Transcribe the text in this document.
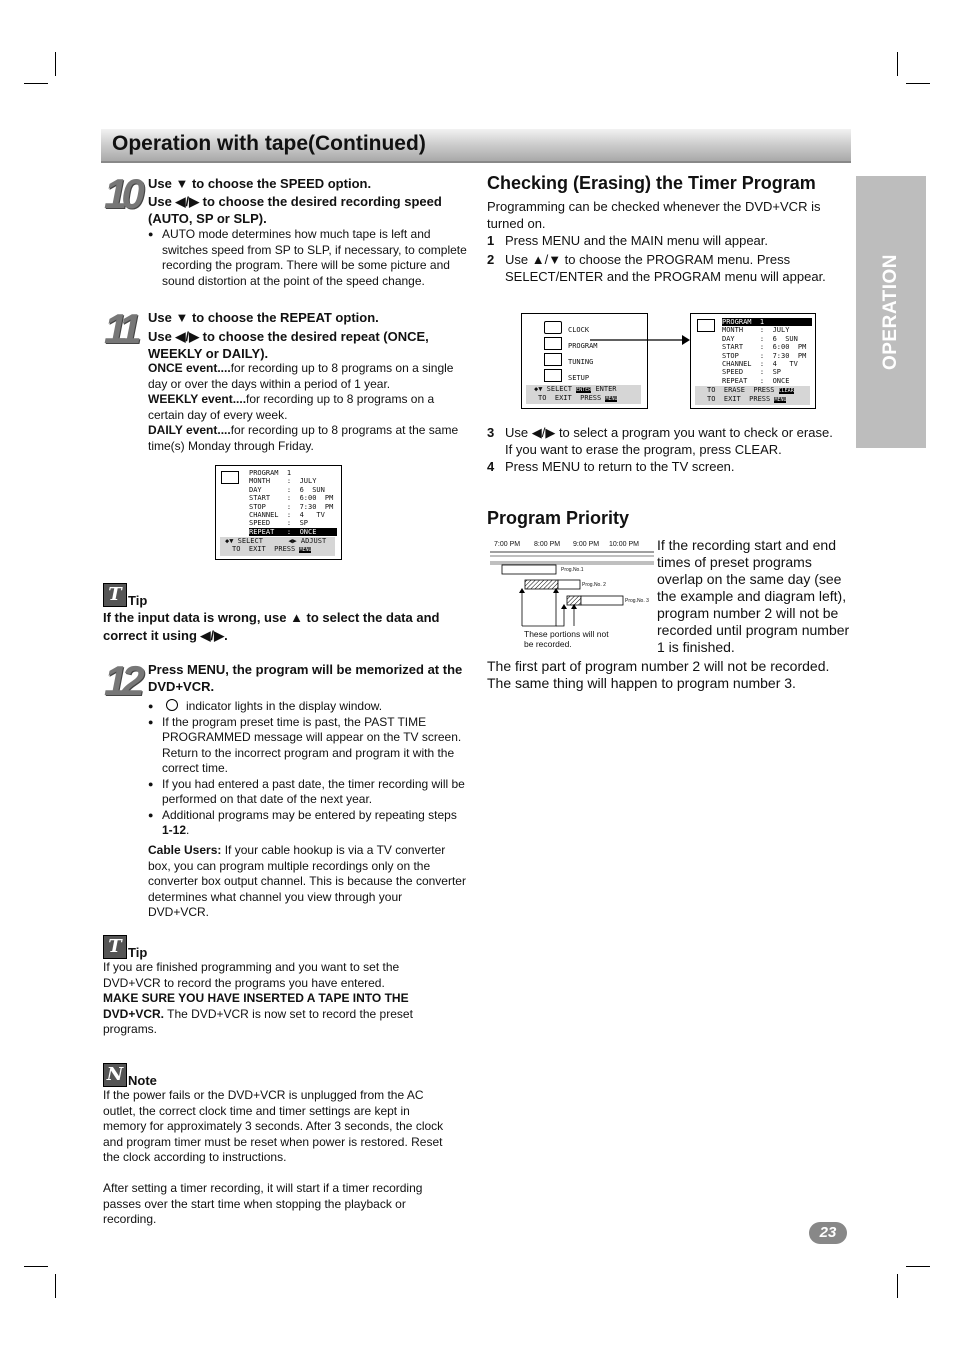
Operation with tape(Continued)
OPERATION
10 Use ▼ to choose the SPEED option.
Use ◀/▶ to choose the desired recording speed (AUTO, SP or SLP).
● AUTO mode determines how much tape is left and switches speed from SP to SLP, if necessary, to complete recording the program. There will be some picture and sound distortion at the point of the speed change.
11 Use ▼ to choose the REPEAT option.
Use ◀/▶ to choose the desired repeat (ONCE, WEEKLY or DAILY).
ONCE event....for recording up to 8 programs on a single day or over the days within a period of 1 year.
WEEKLY event....for recording up to 8 programs on a certain day of every week.
DAILY event....for recording up to 8 programs at the same time(s) Monday through Friday.
PROGRAM  1
MONTH    :  JULY
DAY      :  6  SUN
START    :  6:00  PM
STOP     :  7:30  PM
CHANNEL  :  4   TV
SPEED    :  SP
REPEAT   :  ONCE
◆▼ SELECT	◀▶ ADJUST
TO  EXIT  PRESS MENU
T Tip
If the input data is wrong, use ▲ to select the data and correct it using ◀/▶.
12 Press MENU, the program will be memorized at the DVD+VCR.
● indicator lights in the display window.
● If the program preset time is past, the PAST TIME PROGRAMMED message will appear on the TV screen. Return to the incorrect program and program it with the correct time.
● If you had entered a past date, the timer recording will be performed on that date of the next year.
● Additional programs may be entered by repeating steps 1-12.
Cable Users: If your cable hookup is via a TV converter box, you can program multiple recordings only on the converter box output channel. This is because the converter determines what channel you view through your DVD+VCR.
T Tip
If you are finished programming and you want to set the DVD+VCR to record the programs you have entered.
MAKE SURE YOU HAVE INSERTED A TAPE INTO THE DVD+VCR. The DVD+VCR is now set to record the preset programs.
N Note
If the power fails or the DVD+VCR is unplugged from the AC outlet, the correct clock time and timer settings are kept in memory for approximately 3 seconds. After 3 seconds, the clock and program timer must be reset when power is restored. Reset the clock according to instructions.
After setting a timer recording, it will start if a timer recording passes over the start time when stopping the playback or recording.
Checking (Erasing) the Timer Program
Programming can be checked whenever the DVD+VCR is turned on.
1 Press MENU and the MAIN menu will appear.
2 Use ▲/▼ to choose the PROGRAM menu. Press SELECT/ENTER and the PROGRAM menu will appear.
CLOCK
PROGRAM
TUNING
SETUP
◆▼ SELECT ENTER ENTER
TO  EXIT  PRESS MENU
PROGRAM  1
MONTH    :  JULY
DAY      :  6  SUN
START    :  6:00  PM
STOP     :  7:30  PM
CHANNEL  :  4   TV
SPEED    :  SP
REPEAT   :  ONCE
TO  ERASE  PRESS CLEAR
TO  EXIT  PRESS MENU
3 Use ◀/▶ to select a program you want to check or erase. If you want to erase the program, press CLEAR.
4 Press MENU to return to the TV screen.
Program Priority
7:00 PM 8:00 PM 9:00 PM 10:00 PM
Prog.No.1
Prog.No. 2
Prog.No. 3
These portions will not be recorded.
If the recording start and end times of preset programs overlap on the same day (see the example and diagram left), program number 2 will not be recorded until program number 1 is finished.
The first part of program number 2 will not be recorded. The same thing will happen to program number 3.
23
